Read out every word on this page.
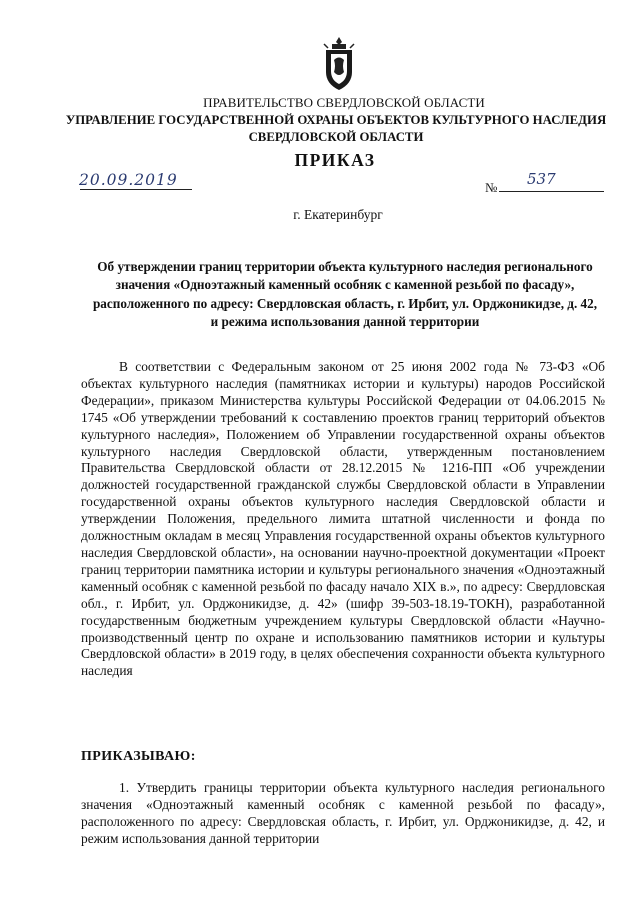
ПРАВИТЕЛЬСТВО СВЕРДЛОВСКОЙ ОБЛАСТИ
УПРАВЛЕНИЕ ГОСУДАРСТВЕННОЙ ОХРАНЫ ОБЪЕКТОВ КУЛЬТУРНОГО НАСЛЕДИЯ
СВЕРДЛОВСКОЙ ОБЛАСТИ
ПРИКАЗ
20.09.2019	№ 537
г. Екатеринбург
Об утверждении границ территории объекта культурного наследия регионального значения «Одноэтажный каменный особняк с каменной резьбой по фасаду», расположенного по адресу: Свердловская область, г. Ирбит, ул. Орджоникидзе, д. 42, и режима использования данной территории
В соответствии с Федеральным законом от 25 июня 2002 года № 73-ФЗ «Об объектах культурного наследия (памятниках истории и культуры) народов Российской Федерации», приказом Министерства культуры Российской Федерации от 04.06.2015 № 1745 «Об утверждении требований к составлению проектов границ территорий объектов культурного наследия», Положением об Управлении государственной охраны объектов культурного наследия Свердловской области, утвержденным постановлением Правительства Свердловской области от 28.12.2015 № 1216-ПП «Об учреждении должностей государственной гражданской службы Свердловской области в Управлении государственной охраны объектов культурного наследия Свердловской области и утверждении Положения, предельного лимита штатной численности и фонда по должностным окладам в месяц Управления государственной охраны объектов культурного наследия Свердловской области», на основании научно-проектной документации «Проект границ территории памятника истории и культуры регионального значения «Одноэтажный каменный особняк с каменной резьбой по фасаду начало XIX в.», по адресу: Свердловская обл., г. Ирбит, ул. Орджоникидзе, д. 42» (шифр 39-503-18.19-ТОКН), разработанной государственным бюджетным учреждением культуры Свердловской области «Научно-производственный центр по охране и использованию памятников истории и культуры Свердловской области» в 2019 году, в целях обеспечения сохранности объекта культурного наследия
ПРИКАЗЫВАЮ:
1. Утвердить границы территории объекта культурного наследия регионального значения «Одноэтажный каменный особняк с каменной резьбой по фасаду», расположенного по адресу: Свердловская область, г. Ирбит, ул. Орджоникидзе, д. 42, и режим использования данной территории
